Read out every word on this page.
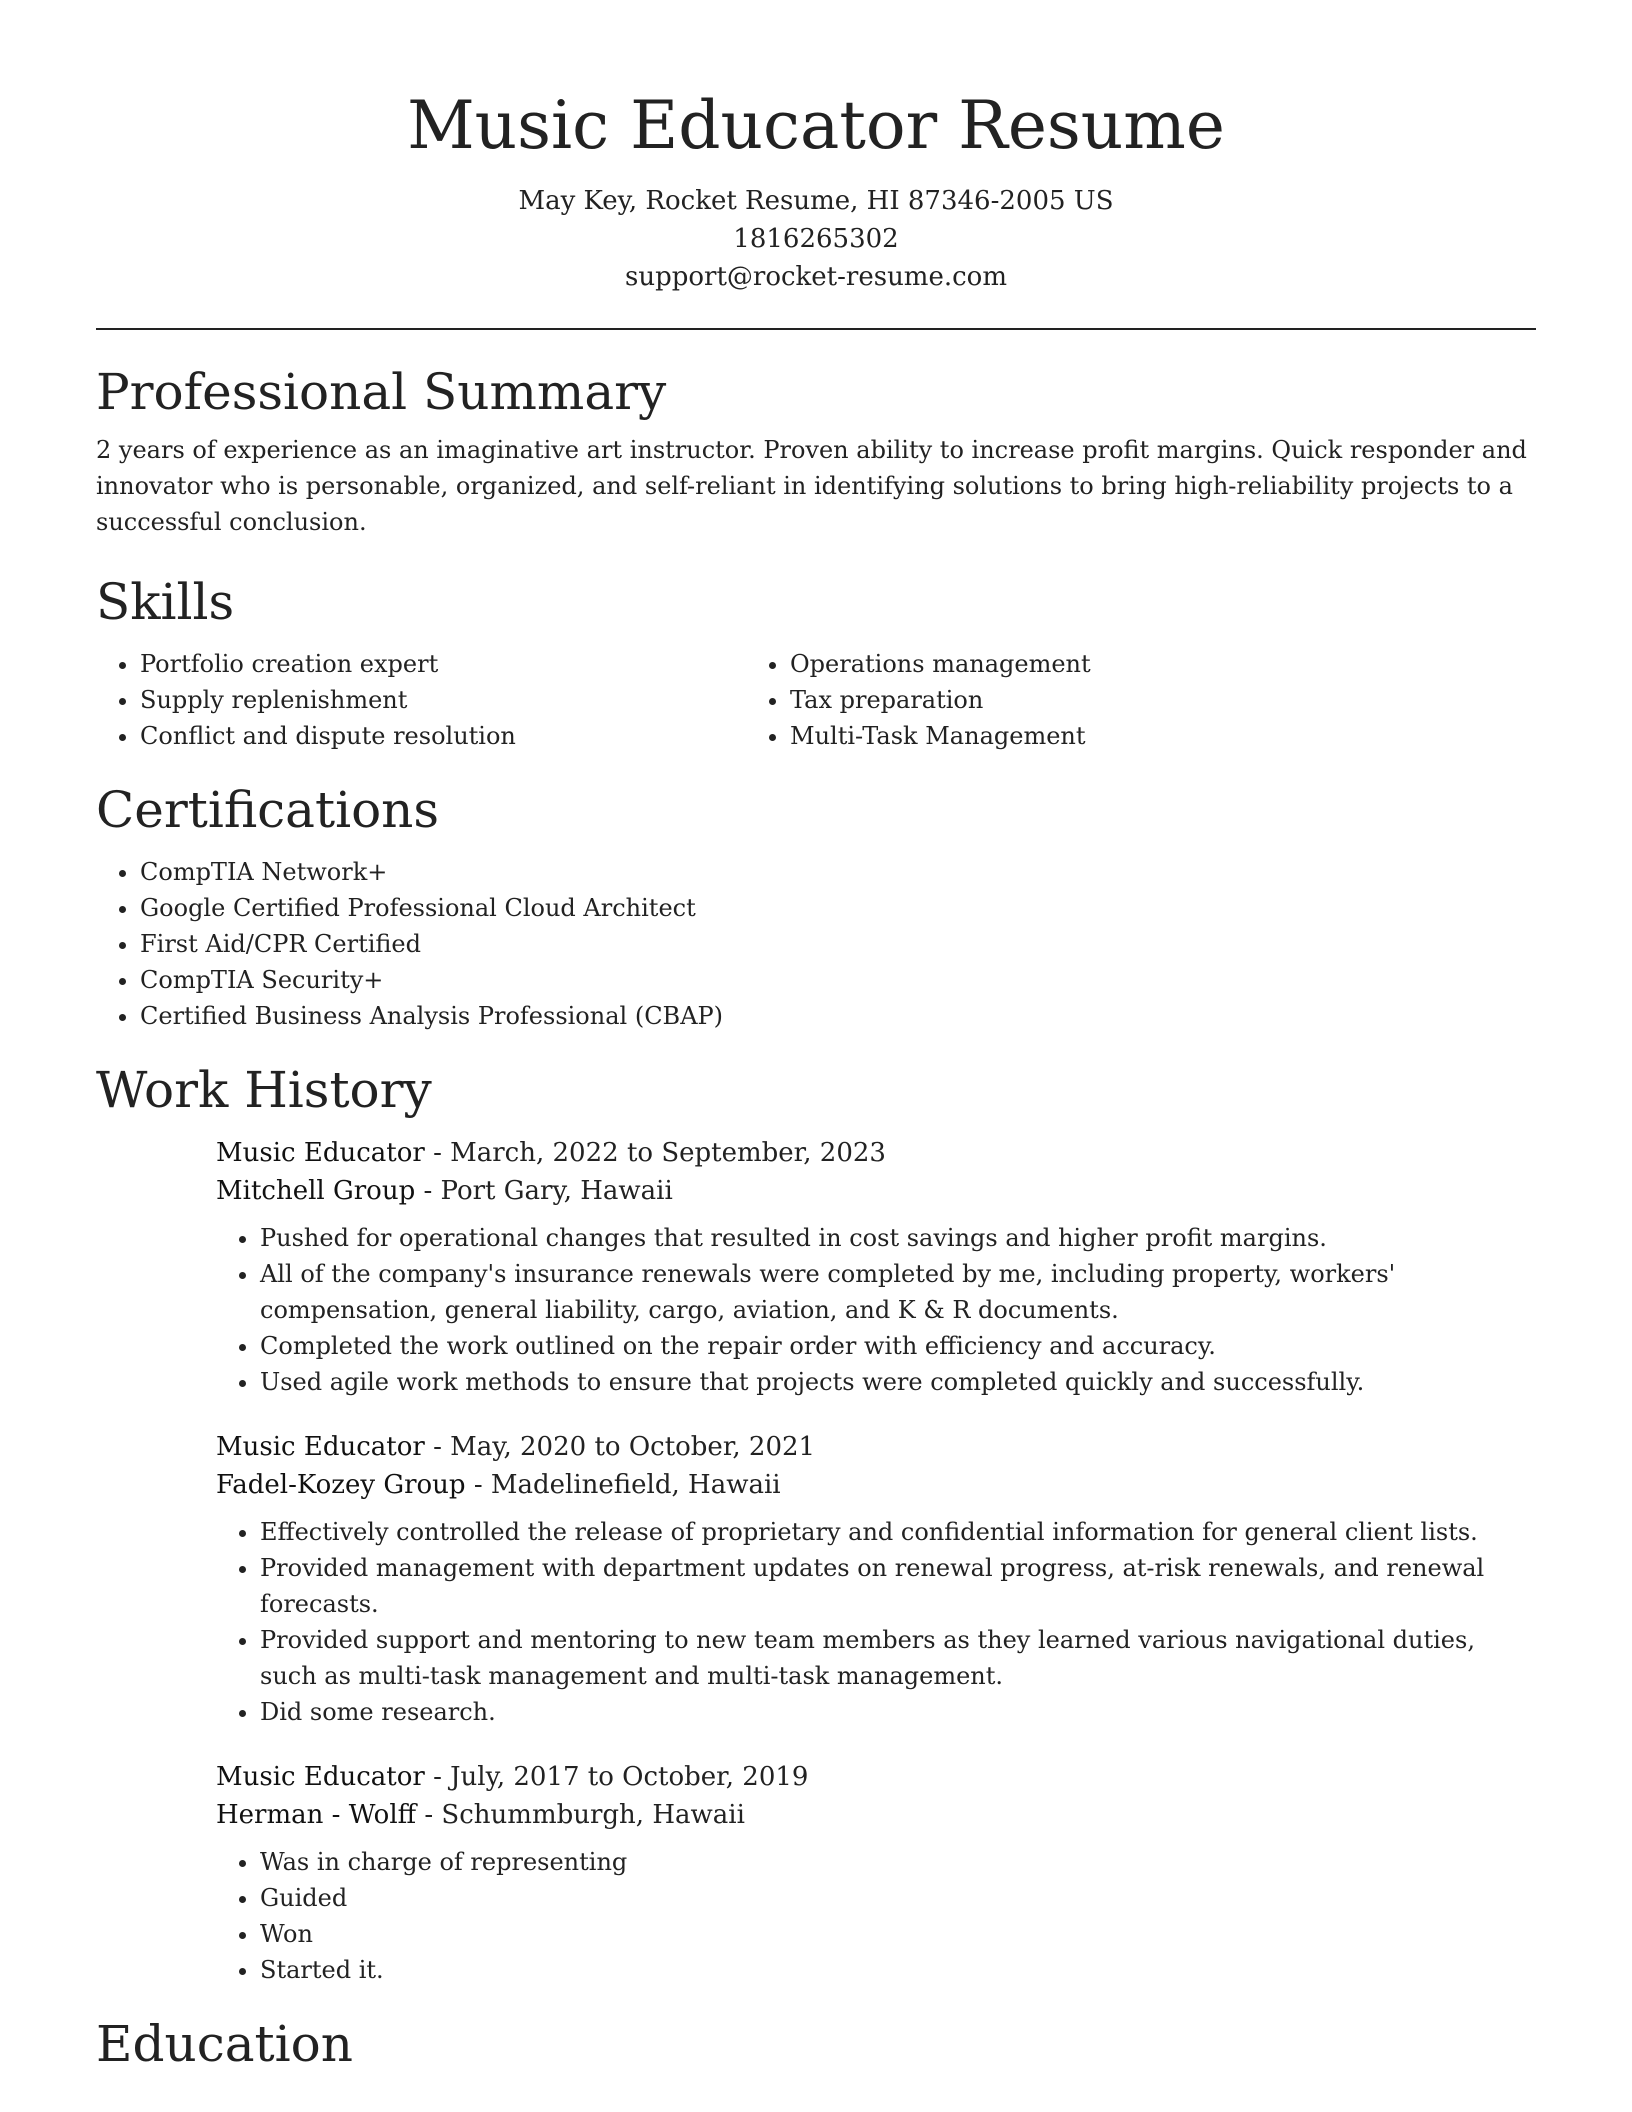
Music Educator Resume
May Key, Rocket Resume, HI 87346-2005 US
1816265302
support@rocket-resume.com
Professional Summary
2 years of experience as an imaginative art instructor. Proven ability to increase profit margins. Quick responder and innovator who is personable, organized, and self-reliant in identifying solutions to bring high-reliability projects to a successful conclusion.
Skills
• Portfolio creation expert
• Supply replenishment
• Conflict and dispute resolution
• Operations management
• Tax preparation
• Multi-Task Management
Certifications
• CompTIA Network+
• Google Certified Professional Cloud Architect
• First Aid/CPR Certified
• CompTIA Security+
• Certified Business Analysis Professional (CBAP)
Work History
Music Educator - March, 2022 to September, 2023
Mitchell Group - Port Gary, Hawaii
• Pushed for operational changes that resulted in cost savings and higher profit margins.
• All of the company's insurance renewals were completed by me, including property, workers' compensation, general liability, cargo, aviation, and K & R documents.
• Completed the work outlined on the repair order with efficiency and accuracy.
• Used agile work methods to ensure that projects were completed quickly and successfully.
Music Educator - May, 2020 to October, 2021
Fadel-Kozey Group - Madelinefield, Hawaii
• Effectively controlled the release of proprietary and confidential information for general client lists.
• Provided management with department updates on renewal progress, at-risk renewals, and renewal forecasts.
• Provided support and mentoring to new team members as they learned various navigational duties, such as multi-task management and multi-task management.
• Did some research.
Music Educator - July, 2017 to October, 2019
Herman - Wolff - Schummburgh, Hawaii
• Was in charge of representing
• Guided
• Won
• Started it.
Education
